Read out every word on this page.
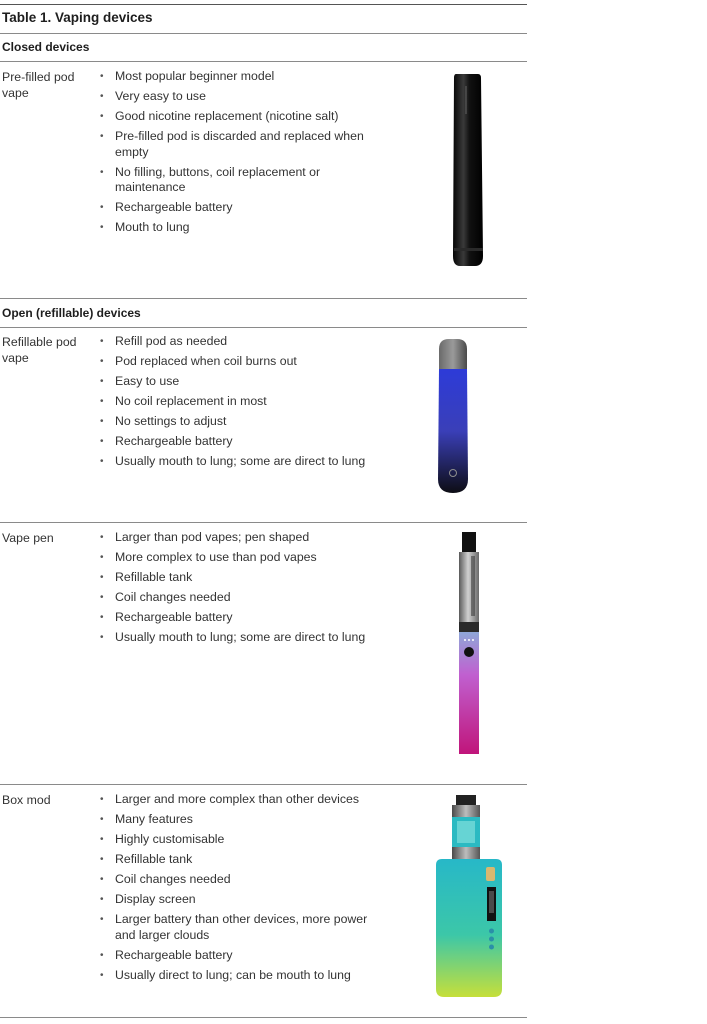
Table 1. Vaping devices
Closed devices
Pre-filled pod vape
• Most popular beginner model
• Very easy to use
• Good nicotine replacement (nicotine salt)
• Pre-filled pod is discarded and replaced when empty
• No filling, buttons, coil replacement or maintenance
• Rechargeable battery
• Mouth to lung
Open (refillable) devices
Refillable pod vape
• Refill pod as needed
• Pod replaced when coil burns out
• Easy to use
• No coil replacement in most
• No settings to adjust
• Rechargeable battery
• Usually mouth to lung; some are direct to lung
Vape pen	• Larger than pod vapes; pen shaped
• More complex to use than pod vapes
• Refillable tank
• Coil changes needed
• Rechargeable battery
• Usually mouth to lung; some are direct to lung
Box mod	• Larger and more complex than other devices
• Many features
• Highly customisable
• Refillable tank
• Coil changes needed
• Display screen
• Larger battery than other devices, more power and larger clouds
• Rechargeable battery
• Usually direct to lung; can be mouth to lung
